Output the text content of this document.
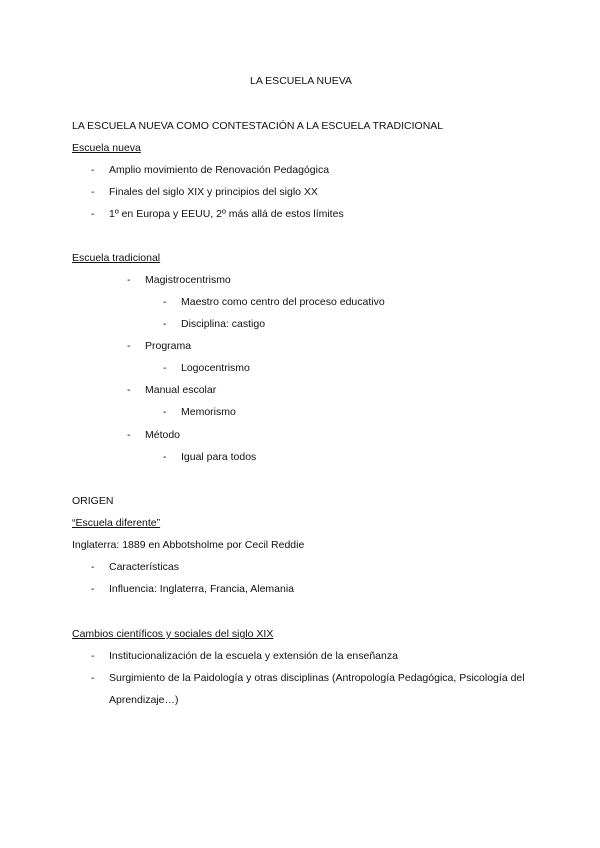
LA ESCUELA NUEVA
LA ESCUELA NUEVA COMO CONTESTACIÓN A LA ESCUELA TRADICIONAL
Escuela nueva
- Amplio movimiento de Renovación Pedagógica
- Finales del siglo XIX y principios del siglo XX
- 1º en Europa y EEUU, 2º más allá de estos límites
Escuela tradicional
- Magistrocentrismo
- Maestro como centro del proceso educativo
- Disciplina: castigo
- Programa
- Logocentrismo
- Manual escolar
- Memorismo
- Método
- Igual para todos
ORIGEN
“Escuela diferente”
Inglaterra: 1889 en Abbotsholme por Cecil Reddie
- Características
- Influencia: Inglaterra, Francia, Alemania
Cambios científicos y sociales del siglo XIX
- Institucionalización de la escuela y extensión de la enseñanza
- Surgimiento de la Paidología y otras disciplinas (Antropología Pedagógica, Psicología del Aprendizaje…)
